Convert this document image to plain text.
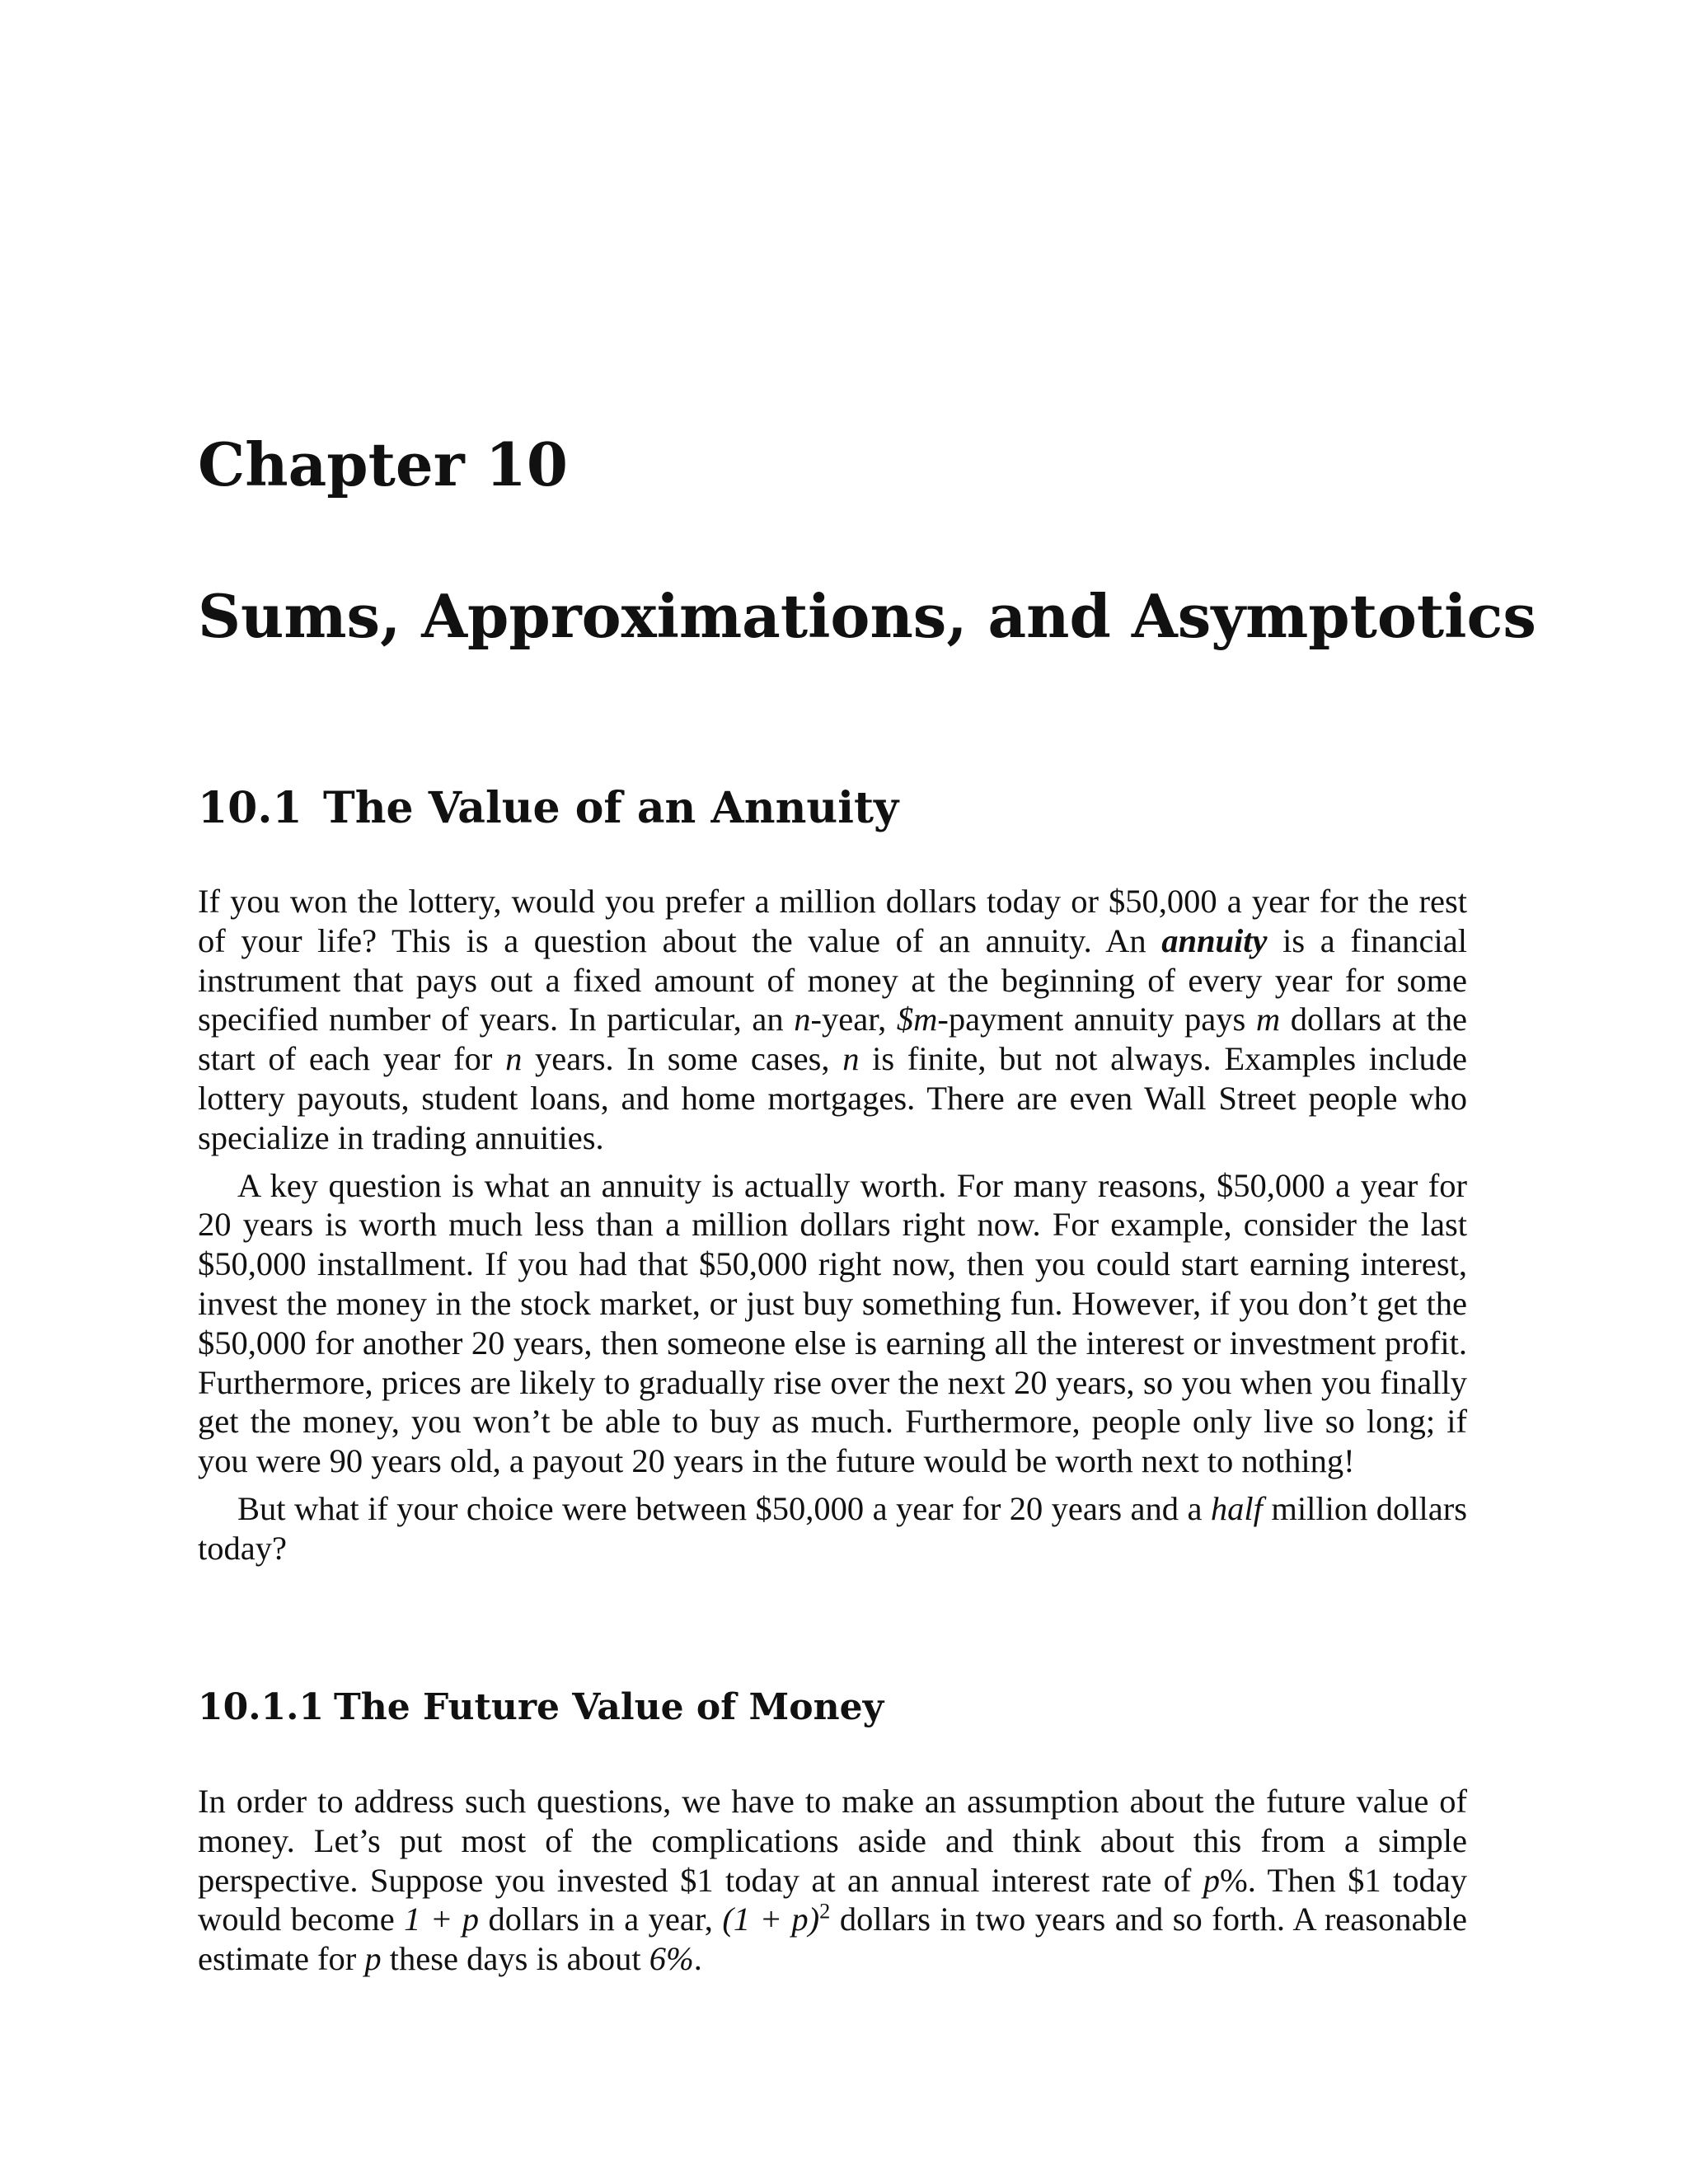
Chapter 10
Sums, Approximations, and Asymptotics
10.1 The Value of an Annuity

If you won the lottery, would you prefer a million dollars today or $50,000 a year for the rest of your life? This is a question about the value of an annuity. An annuity is a financial instrument that pays out a fixed amount of money at the beginning of every year for some specified number of years. In particular, an n-year, $m-payment annuity pays m dollars at the start of each year for n years. In some cases, n is finite, but not always. Examples include lottery payouts, student loans, and home mortgages. There are even Wall Street people who specialize in trading annuities.

A key question is what an annuity is actually worth. For many reasons, $50,000 a year for 20 years is worth much less than a million dollars right now. For example, consider the last $50,000 installment. If you had that $50,000 right now, then you could start earning interest, invest the money in the stock market, or just buy something fun. However, if you don’t get the $50,000 for another 20 years, then someone else is earning all the interest or investment profit. Furthermore, prices are likely to gradually rise over the next 20 years, so you when you finally get the money, you won’t be able to buy as much. Furthermore, people only live so long; if you were 90 years old, a payout 20 years in the future would be worth next to nothing!

But what if your choice were between $50,000 a year for 20 years and a half million dollars today?

10.1.1 The Future Value of Money

In order to address such questions, we have to make an assumption about the future value of money. Let’s put most of the complications aside and think about this from a simple perspective. Suppose you invested $1 today at an annual interest rate of p%. Then $1 today would become 1 + p dollars in a year, $(1 + p)^2$ dollars in two years and so forth. A reasonable estimate for p these days is about 6%.
